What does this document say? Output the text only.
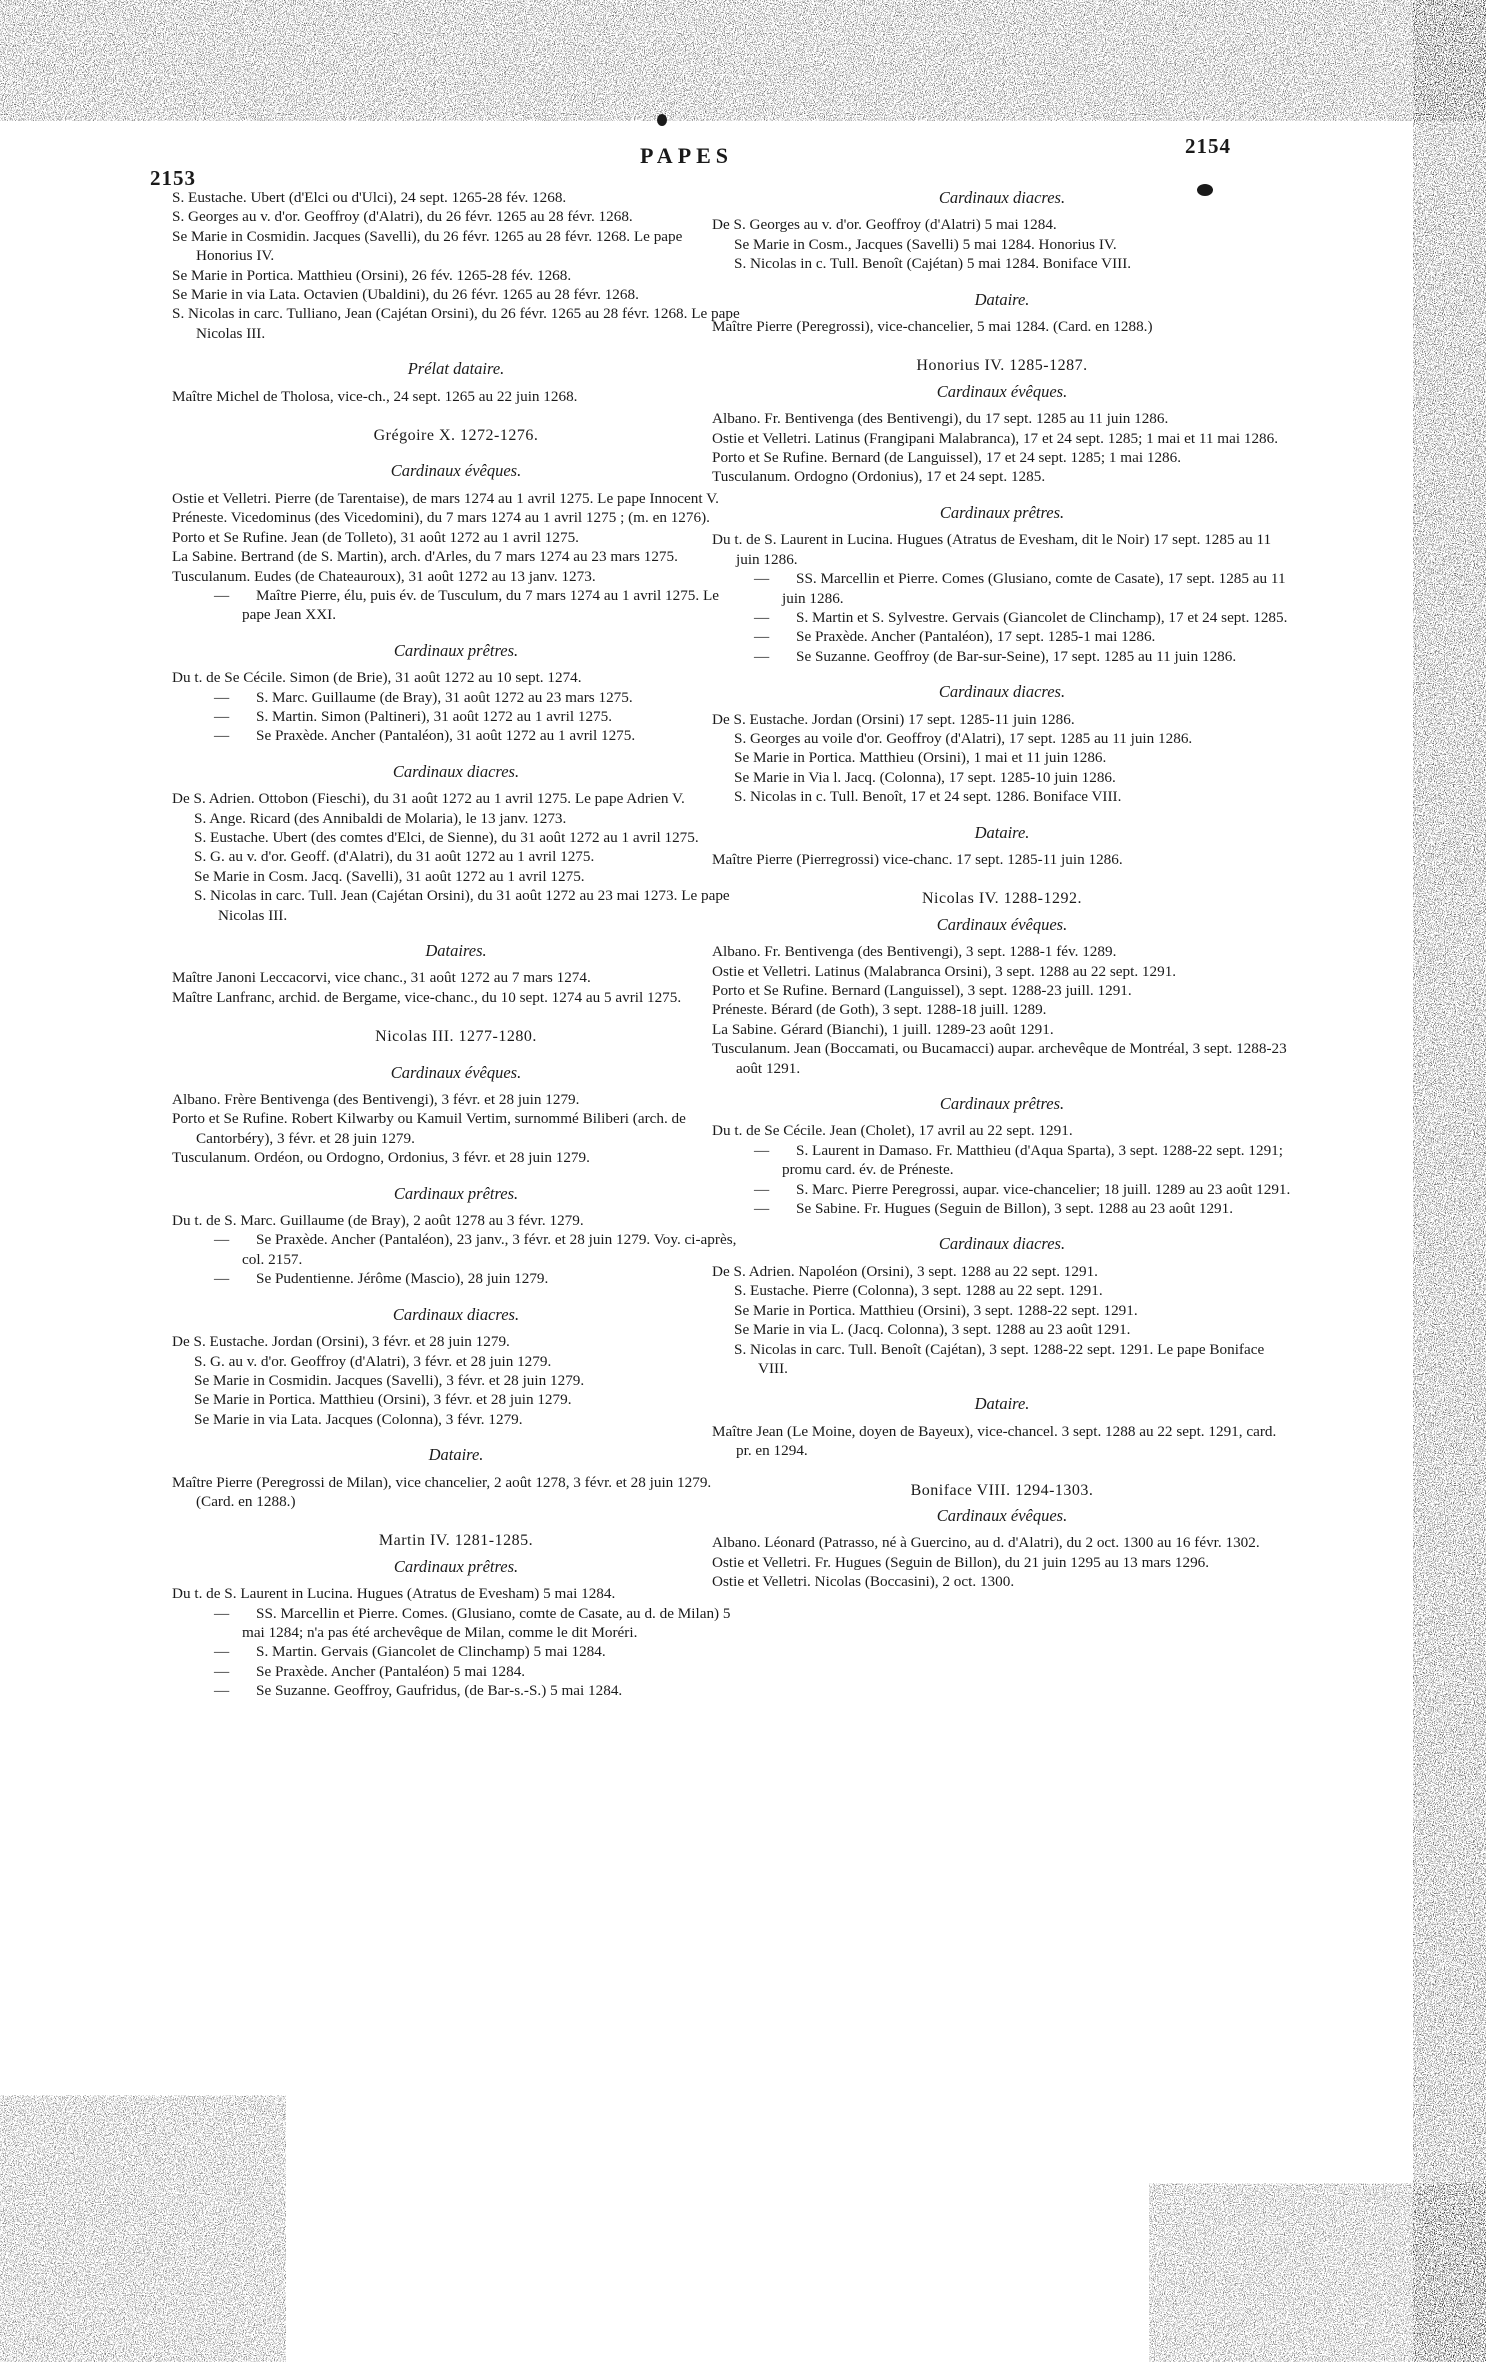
2153
PAPES	2154
S. Eustache. Ubert (d'Elci ou d'Ulci), 24 sept. 1265-28 fév. 1268.
S. Georges au v. d'or. Geoffroy (d'Alatri), du 26 févr. 1265 au 28 févr. 1268.
Se Marie in Cosmidin. Jacques (Savelli), du 26 févr. 1265 au 28 févr. 1268. Le pape Honorius IV.
Se Marie in Portica. Matthieu (Orsini), 26 fév. 1265-28 fév. 1268.
Se Marie in via Lata. Octavien (Ubaldini), du 26 févr. 1265 au 28 févr. 1268.
S. Nicolas in carc. Tulliano, Jean (Cajétan Orsini), du 26 févr. 1265 au 28 févr. 1268. Le pape Nicolas III.
Prélat dataire.
Maître Michel de Tholosa, vice-ch., 24 sept. 1265 au 22 juin 1268.
Grégoire X. 1272-1276.
Cardinaux évêques.
Ostie et Velletri. Pierre (de Tarentaise), de mars 1274 au 1 avril 1275. Le pape Innocent V.
Préneste. Vicedominus (des Vicedomini), du 7 mars 1274 au 1 avril 1275 ; (m. en 1276).
Porto et Se Rufine. Jean (de Tolleto), 31 août 1272 au 1 avril 1275.
La Sabine. Bertrand (de S. Martin), arch. d'Arles, du 7 mars 1274 au 23 mars 1275.
Tusculanum. Eudes (de Chateauroux), 31 août 1272 au 13 janv. 1273.
— Maître Pierre, élu, puis év. de Tusculum, du 7 mars 1274 au 1 avril 1275. Le pape Jean XXI.
Cardinaux prêtres.
Du t. de Se Cécile. Simon (de Brie), 31 août 1272 au 10 sept. 1274.
— S. Marc. Guillaume (de Bray), 31 août 1272 au 23 mars 1275.
— S. Martin. Simon (Paltineri), 31 août 1272 au 1 avril 1275.
— Se Praxède. Ancher (Pantaléon), 31 août 1272 au 1 avril 1275.
Cardinaux diacres.
De S. Adrien. Ottobon (Fieschi), du 31 août 1272 au 1 avril 1275. Le pape Adrien V.
S. Ange. Ricard (des Annibaldi de Molaria), le 13 janv. 1273.
S. Eustache. Ubert (des comtes d'Elci, de Sienne), du 31 août 1272 au 1 avril 1275.
S. G. au v. d'or. Geoff. (d'Alatri), du 31 août 1272 au 1 avril 1275.
Se Marie in Cosm. Jacq. (Savelli), 31 août 1272 au 1 avril 1275.
S. Nicolas in carc. Tull. Jean (Cajétan Orsini), du 31 août 1272 au 23 mai 1273. Le pape Nicolas III.
Dataires.
Maître Janoni Leccacorvi, vice chanc., 31 août 1272 au 7 mars 1274.
Maître Lanfranc, archid. de Bergame, vice-chanc., du 10 sept. 1274 au 5 avril 1275.
Nicolas III. 1277-1280.
Cardinaux évêques.
Albano. Frère Bentivenga (des Bentivengi), 3 févr. et 28 juin 1279.
Porto et Se Rufine. Robert Kilwarby ou Kamuil Vertim, surnommé Biliberi (arch. de Cantorbéry), 3 févr. et 28 juin 1279.
Tusculanum. Ordéon, ou Ordogno, Ordonius, 3 févr. et 28 juin 1279.
Cardinaux prêtres.
Du t. de S. Marc. Guillaume (de Bray), 2 août 1278 au 3 févr. 1279.
— Se Praxède. Ancher (Pantaléon), 23 janv., 3 févr. et 28 juin 1279. Voy. ci-après, col. 2157.
— Se Pudentienne. Jérôme (Mascio), 28 juin 1279.
Cardinaux diacres.
De S. Eustache. Jordan (Orsini), 3 févr. et 28 juin 1279.
S. G. au v. d'or. Geoffroy (d'Alatri), 3 févr. et 28 juin 1279.
Se Marie in Cosmidin. Jacques (Savelli), 3 févr. et 28 juin 1279.
Se Marie in Portica. Matthieu (Orsini), 3 févr. et 28 juin 1279.
Se Marie in via Lata. Jacques (Colonna), 3 févr. 1279.
Dataire.
Maître Pierre (Peregrossi de Milan), vice chancelier, 2 août 1278, 3 févr. et 28 juin 1279. (Card. en 1288.)
Martin IV. 1281-1285.
Cardinaux prêtres.
Du t. de S. Laurent in Lucina. Hugues (Atratus de Evesham) 5 mai 1284.
— SS. Marcellin et Pierre. Comes. (Glusiano, comte de Casate, au d. de Milan) 5 mai 1284; n'a pas été archevêque de Milan, comme le dit Moréri.
— S. Martin. Gervais (Giancolet de Clinchamp) 5 mai 1284.
— Se Praxède. Ancher (Pantaléon) 5 mai 1284.
— Se Suzanne. Geoffroy, Gaufridus, (de Bar-s.-S.) 5 mai 1284.
Cardinaux diacres.
De S. Georges au v. d'or. Geoffroy (d'Alatri) 5 mai 1284.
Se Marie in Cosm., Jacques (Savelli) 5 mai 1284. Honorius IV.
S. Nicolas in c. Tull. Benoît (Cajétan) 5 mai 1284. Boniface VIII.
Dataire.
Maître Pierre (Peregrossi), vice-chancelier, 5 mai 1284. (Card. en 1288.)
Honorius IV. 1285-1287.
Cardinaux évêques.
Albano. Fr. Bentivenga (des Bentivengi), du 17 sept. 1285 au 11 juin 1286.
Ostie et Velletri. Latinus (Frangipani Malabranca), 17 et 24 sept. 1285; 1 mai et 11 mai 1286.
Porto et Se Rufine. Bernard (de Languissel), 17 et 24 sept. 1285; 1 mai 1286.
Tusculanum. Ordogno (Ordonius), 17 et 24 sept. 1285.
Cardinaux prêtres.
Du t. de S. Laurent in Lucina. Hugues (Atratus de Evesham, dit le Noir) 17 sept. 1285 au 11 juin 1286.
— SS. Marcellin et Pierre. Comes (Glusiano, comte de Casate), 17 sept. 1285 au 11 juin 1286.
— S. Martin et S. Sylvestre. Gervais (Giancolet de Clinchamp), 17 et 24 sept. 1285.
— Se Praxède. Ancher (Pantaléon), 17 sept. 1285-1 mai 1286.
— Se Suzanne. Geoffroy (de Bar-sur-Seine), 17 sept. 1285 au 11 juin 1286.
Cardinaux diacres.
De S. Eustache. Jordan (Orsini) 17 sept. 1285-11 juin 1286.
S. Georges au voile d'or. Geoffroy (d'Alatri), 17 sept. 1285 au 11 juin 1286.
Se Marie in Portica. Matthieu (Orsini), 1 mai et 11 juin 1286.
Se Marie in Via l. Jacq. (Colonna), 17 sept. 1285-10 juin 1286.
S. Nicolas in c. Tull. Benoît, 17 et 24 sept. 1286. Boniface VIII.
Dataire.
Maître Pierre (Pierregrossi) vice-chanc. 17 sept. 1285-11 juin 1286.
Nicolas IV. 1288-1292.
Cardinaux évêques.
Albano. Fr. Bentivenga (des Bentivengi), 3 sept. 1288-1 fév. 1289.
Ostie et Velletri. Latinus (Malabranca Orsini), 3 sept. 1288 au 22 sept. 1291.
Porto et Se Rufine. Bernard (Languissel), 3 sept. 1288-23 juill. 1291.
Préneste. Bérard (de Goth), 3 sept. 1288-18 juill. 1289.
La Sabine. Gérard (Bianchi), 1 juill. 1289-23 août 1291.
Tusculanum. Jean (Boccamati, ou Bucamacci) aupar. archevêque de Montréal, 3 sept. 1288-23 août 1291.
Cardinaux prêtres.
Du t. de Se Cécile. Jean (Cholet), 17 avril au 22 sept. 1291.
— S. Laurent in Damaso. Fr. Matthieu (d'Aqua Sparta), 3 sept. 1288-22 sept. 1291; promu card. év. de Préneste.
— S. Marc. Pierre Peregrossi, aupar. vice-chancelier; 18 juill. 1289 au 23 août 1291.
— Se Sabine. Fr. Hugues (Seguin de Billon), 3 sept. 1288 au 23 août 1291.
Cardinaux diacres.
De S. Adrien. Napoléon (Orsini), 3 sept. 1288 au 22 sept. 1291.
S. Eustache. Pierre (Colonna), 3 sept. 1288 au 22 sept. 1291.
Se Marie in Portica. Matthieu (Orsini), 3 sept. 1288-22 sept. 1291.
Se Marie in via L. (Jacq. Colonna), 3 sept. 1288 au 23 août 1291.
S. Nicolas in carc. Tull. Benoît (Cajétan), 3 sept. 1288-22 sept. 1291. Le pape Boniface VIII.
Dataire.
Maître Jean (Le Moine, doyen de Bayeux), vice-chancel. 3 sept. 1288 au 22 sept. 1291, card. pr. en 1294.
Boniface VIII. 1294-1303.
Cardinaux évêques.
Albano. Léonard (Patrasso, né à Guercino, au d. d'Alatri), du 2 oct. 1300 au 16 févr. 1302.
Ostie et Velletri. Fr. Hugues (Seguin de Billon), du 21 juin 1295 au 13 mars 1296.
Ostie et Velletri. Nicolas (Boccasini), 2 oct. 1300.
